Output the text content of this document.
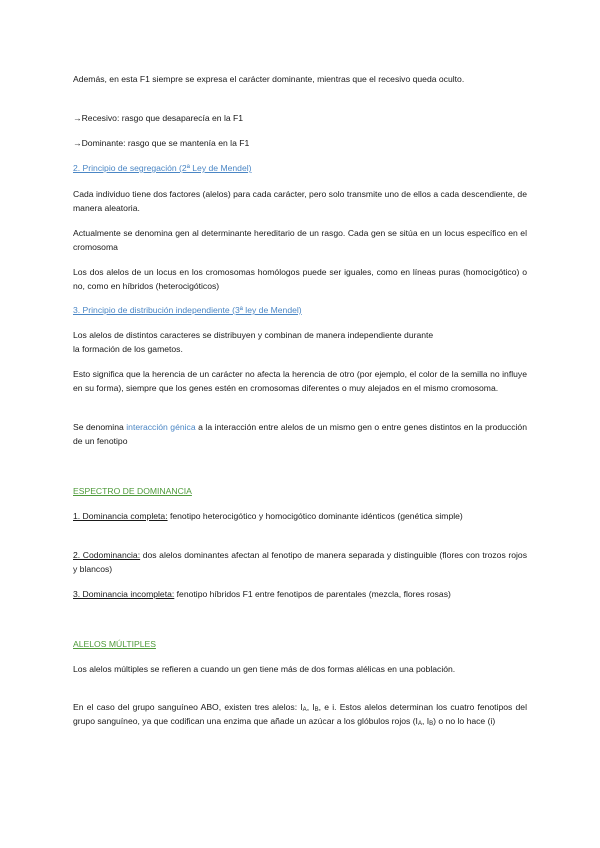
Además, en esta F1 siempre se expresa el carácter dominante, mientras que el recesivo queda oculto.

→Recesivo: rasgo que desaparecía en la F1

→Dominante: rasgo que se mantenía en la F1

2. Principio de segregación (2ª Ley de Mendel)

Cada individuo tiene dos factores (alelos) para cada carácter, pero solo transmite uno de ellos a cada descendiente, de manera aleatoria.

Actualmente se denomina gen al determinante hereditario de un rasgo. Cada gen se sitúa en un locus específico en el cromosoma

Los dos alelos de un locus en los cromosomas homólogos puede ser iguales, como en líneas puras (homocigótico) o no, como en híbridos (heterocigóticos)

3. Principio de distribución independiente (3ª ley de Mendel)

Los alelos de distintos caracteres se distribuyen y combinan de manera independiente durante
la formación de los gametos.

Esto significa que la herencia de un carácter no afecta la herencia de otro (por ejemplo, el color de la semilla no influye en su forma), siempre que los genes estén en cromosomas diferentes o muy alejados en el mismo cromosoma.

Se denomina interacción génica a la interacción entre alelos de un mismo gen o entre genes distintos en la producción de un fenotipo

ESPECTRO DE DOMINANCIA

1. Dominancia completa: fenotipo heterocigótico y homocigótico dominante idénticos (genética simple)

2. Codominancia: dos alelos dominantes afectan al fenotipo de manera separada y distinguible (flores con trozos rojos y blancos)

3. Dominancia incompleta: fenotipo híbridos F1 entre fenotipos de parentales (mezcla, flores rosas)

ALELOS MÚLTIPLES

Los alelos múltiples se refieren a cuando un gen tiene más de dos formas alélicas en una población.

En el caso del grupo sanguíneo ABO, existen tres alelos: $I_A$, $I_B$, e i. Estos alelos determinan los cuatro fenotipos del grupo sanguíneo, ya que codifican una enzima que añade un azúcar a los glóbulos rojos ($I_A$, $I_B$) o no lo hace (i)
